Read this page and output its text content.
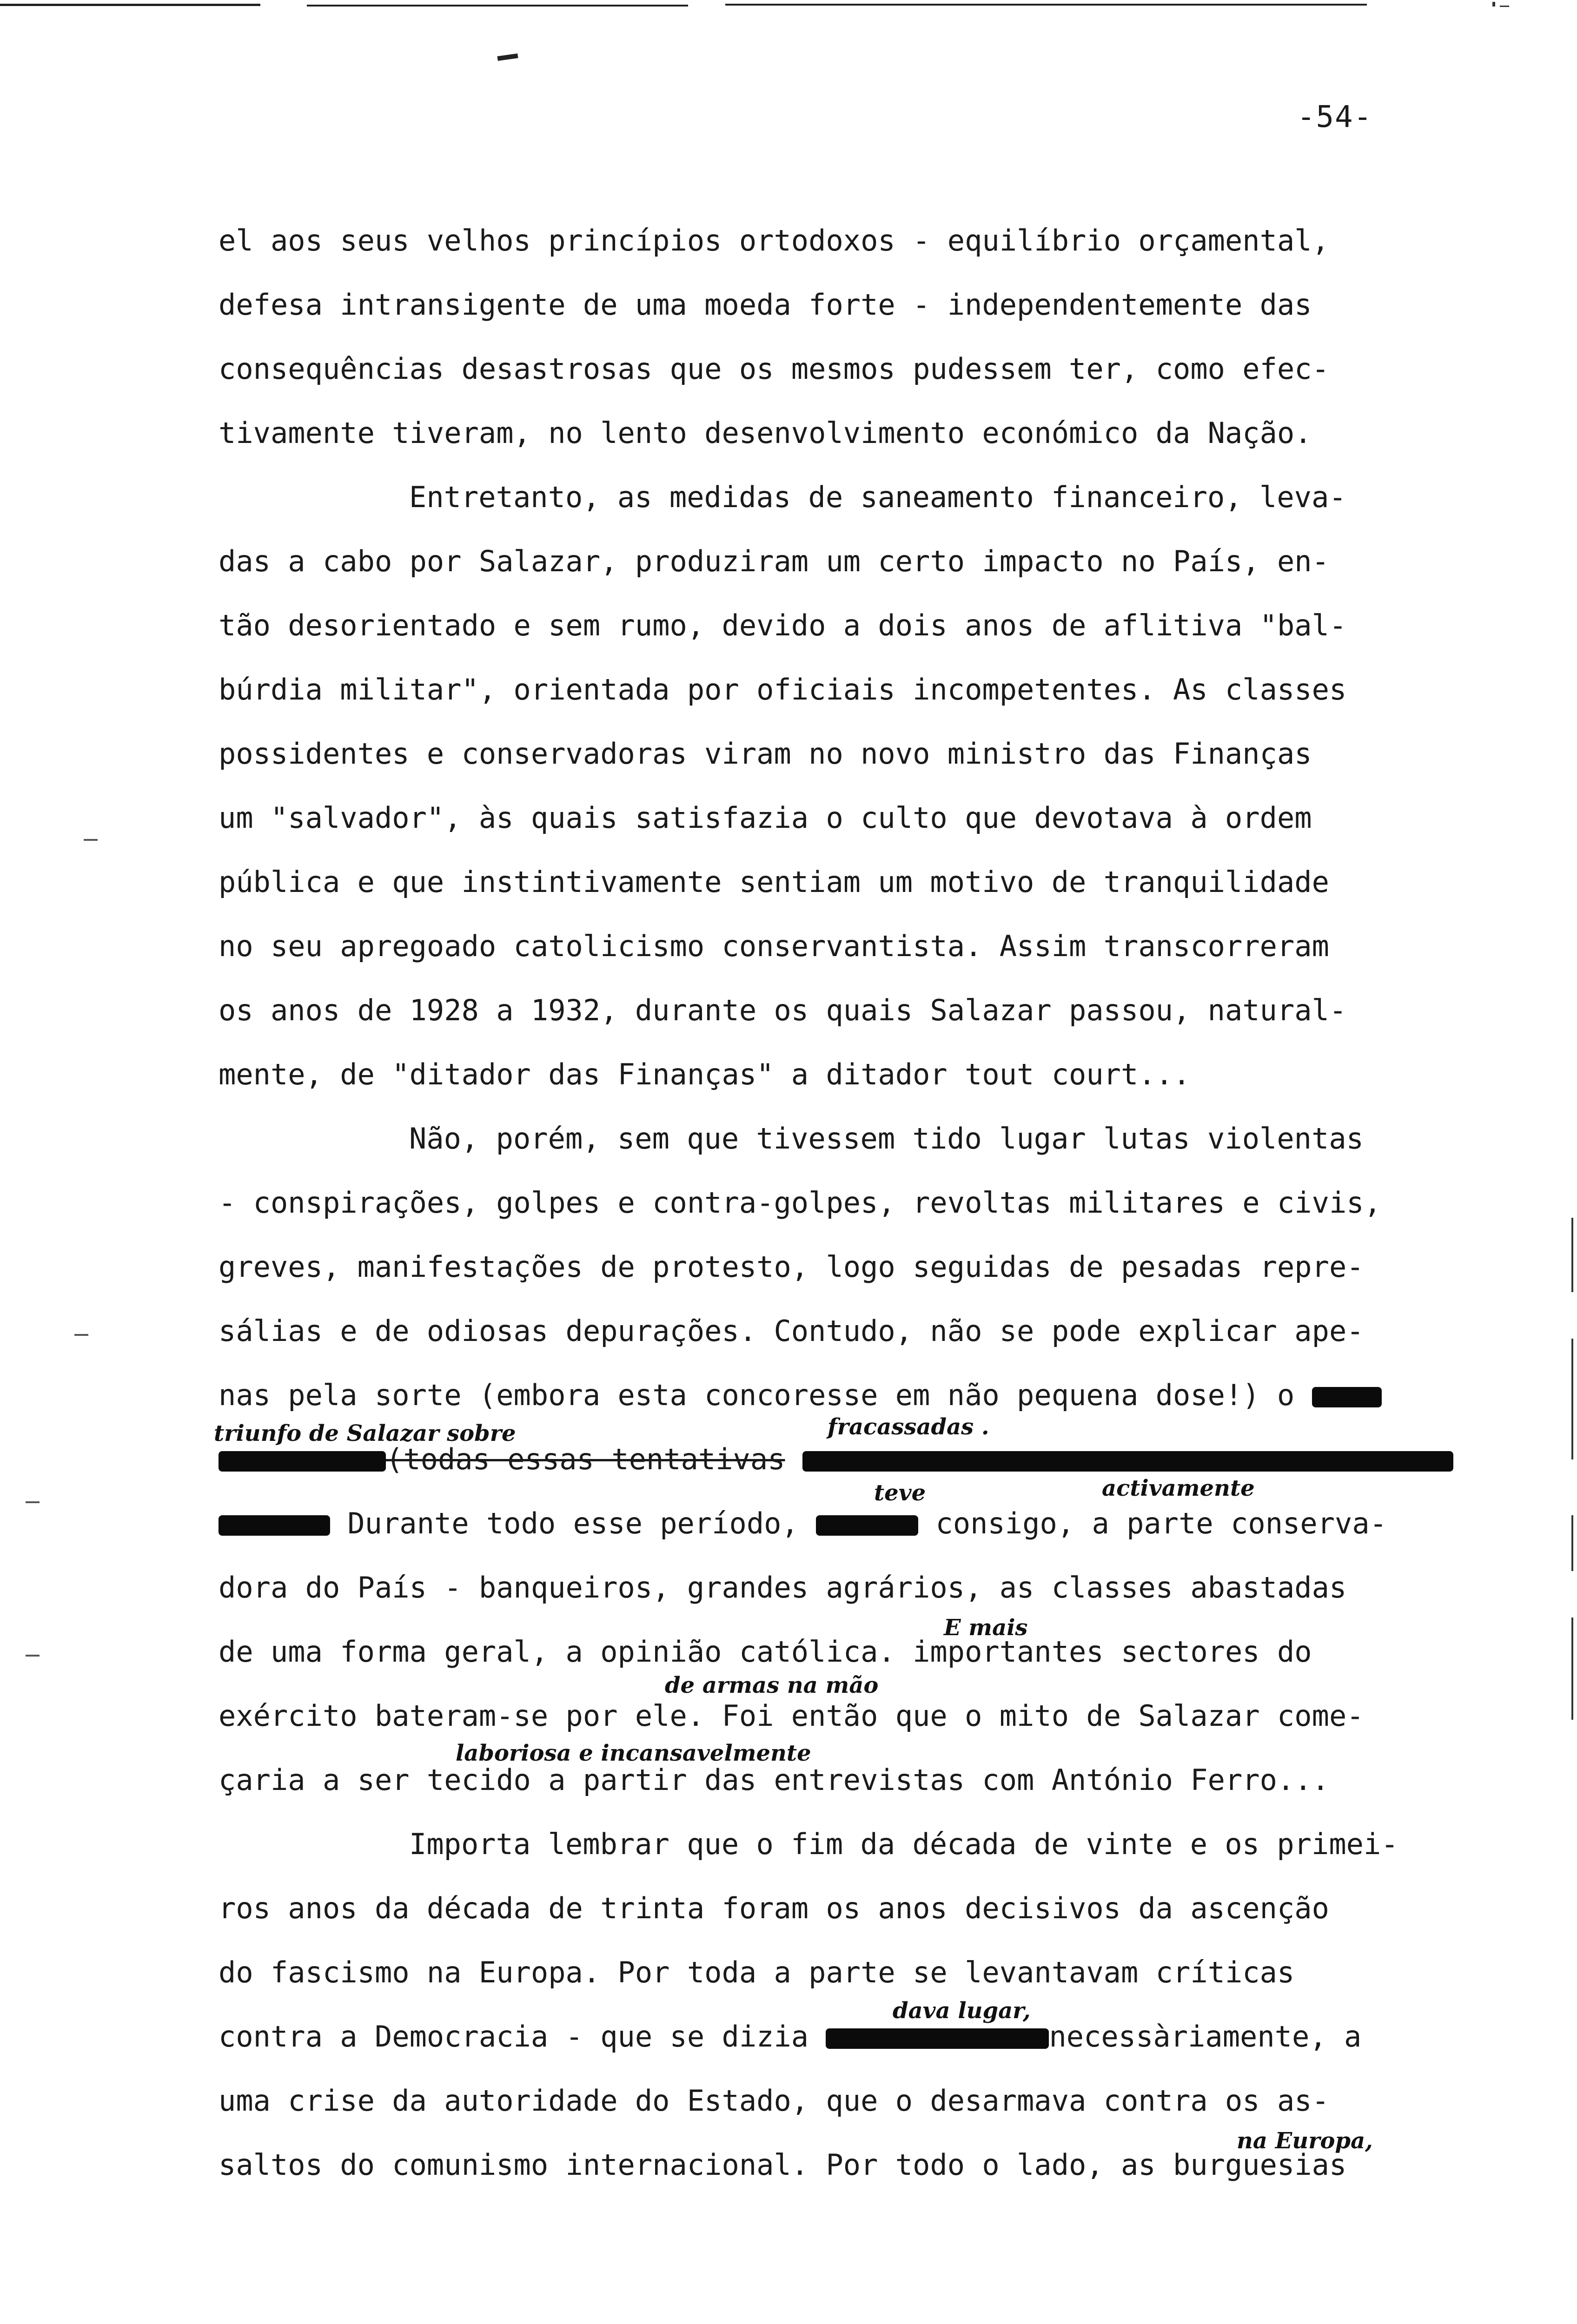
-54-
el aos seus velhos princípios ortodoxos - equilíbrio orçamental,
defesa intransigente de uma moeda forte - independentemente das
consequências desastrosas que os mesmos pudessem ter, como efec-
tivamente tiveram, no lento desenvolvimento económico da Nação.
Entretanto, as medidas de saneamento financeiro, leva-
das a cabo por Salazar, produziram um certo impacto no País, en-
tão desorientado e sem rumo, devido a dois anos de aflitiva "bal-
búrdia militar", orientada por oficiais incompetentes. As classes
possidentes e conservadoras viram no novo ministro das Finanças
um "salvador", às quais satisfazia o culto que devotava à ordem
pública e que instintivamente sentiam um motivo de tranquilidade
no seu apregoado catolicismo conservantista. Assim transcorreram
os anos de 1928 a 1932, durante os quais Salazar passou, natural-
mente, de "ditador das Finanças" a ditador tout court...
Não, porém, sem que tivessem tido lugar lutas violentas
- conspirações, golpes e contra-golpes, revoltas militares e civis,
greves, manifestações de protesto, logo seguidas de pesadas repre-
sálias e de odiosas depurações. Contudo, não se pode explicar ape-
nas pela sorte (embora esta concoresse em não pequena dose!) o
triunfo de Salazar sobre	fracassadas .
(todas essas tentativas
teve	activamente
Durante todo esse período,	consigo, a parte conserva-
dora do País - banqueiros, grandes agrários, as classes abastadas
de uma forma geral, a opinião católica. importantes sectores do
E mais
de armas na mão
exército bateram-se por ele. Foi então que o mito de Salazar come-
laboriosa e incansavelmente
çaria a ser tecido a partir das entrevistas com António Ferro...
Importa lembrar que o fim da década de vinte e os primei-
ros anos da década de trinta foram os anos decisivos da ascenção
do fascismo na Europa. Por toda a parte se levantavam críticas
contra a Democracia - que se dizia	necessàriamente, a
dava lugar,
uma crise da autoridade do Estado, que o desarmava contra os as-
saltos do comunismo internacional. Por todo o lado, as burguesias
na Europa,
